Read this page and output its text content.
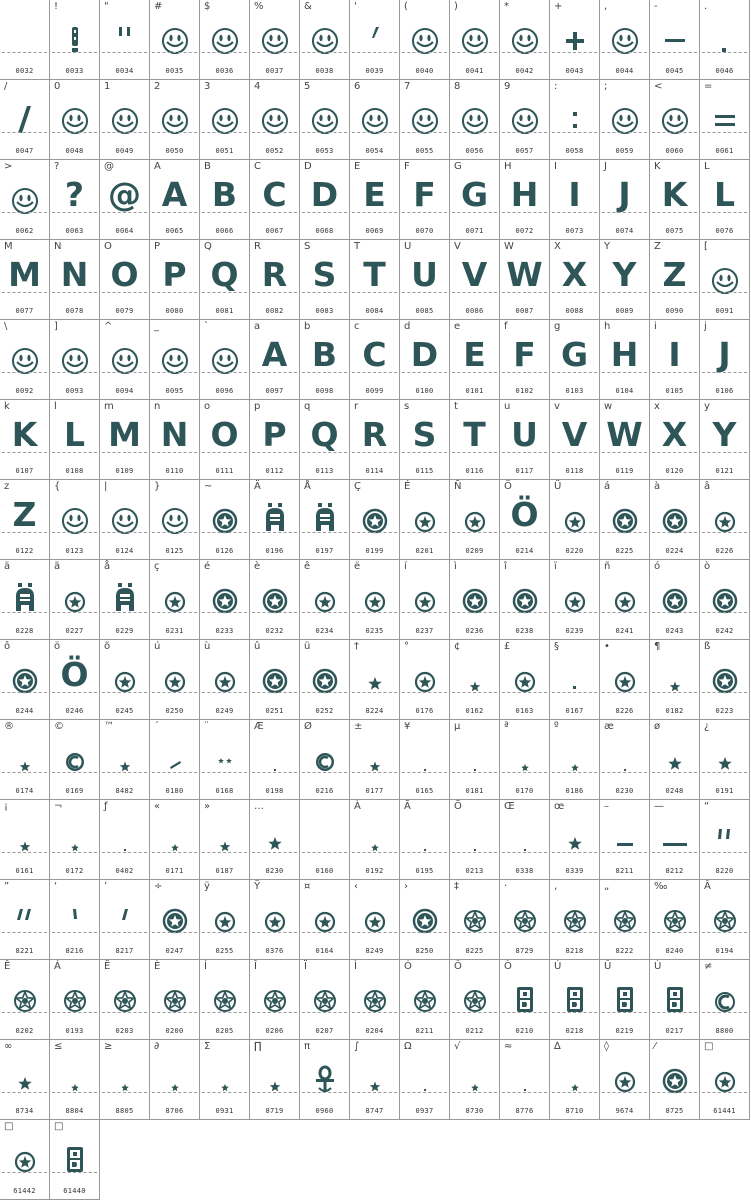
0032
!
0033
"
0034
#
0035
$
0036
%
0037
&
0038
'
0039
(
0040
)
0041
*
0042
+
0043
,
0044
-
0045
.
0046
/
0047
0
0048
1
0049
2
0050
3
0051
4
0052
5
0053
6
0054
7
0055
8
0056
9
0057
:
0058
;
0059
<
0060
=
0061
>
0062
?
?
0063
@
@
0064
A
A
0065
B
B
0066
C
C
0067
D
D
0068
E
E
0069
F
F
0070
G
G
0071
H
H
0072
I
I
0073
J
J
0074
K
K
0075
L
L
0076
M
M
0077
N
N
0078
O
O
0079
P
P
0080
Q
Q
0081
R
R
0082
S
S
0083
T
T
0084
U
U
0085
V
V
0086
W
W
0087
X
X
0088
Y
Y
0089
Z
Z
0090
[
0091
\
0092
]
0093
^
0094
_
0095
`
0096
a
A
0097
b
B
0098
c
C
0099
d
D
0100
e
E
0101
f
F
0102
g
G
0103
h
H
0104
i
I
0105
j
J
0106
k
K
0107
l
L
0108
m
M
0109
n
N
0110
o
O
0111
p
P
0112
q
Q
0113
r
R
0114
s
S
0115
t
T
0116
u
U
0117
v
V
0118
w
W
0119
x
X
0120
y
Y
0121
z
Z
0122
{
0123
|
0124
}
0125
~
0126
Ä
0196
Å
0197
Ç
0199
É
0201
Ñ
0209
Ö
Ö
0214
Ü
0220
á
0225
à
0224
â
0226
ä
0228
ã
0227
å
0229
ç
0231
é
0233
è
0232
ê
0234
ë
0235
í
0237
ì
0236
î
0238
ï
0239
ñ
0241
ó
0243
ò
0242
ô
0244
ö
Ö
0246
õ
0245
ú
0250
ù
0249
û
0251
ü
0252
†
8224
°
0176
¢
0162
£
0163
§
0167
•
8226
¶
0182
ß
0223
®
0174
©
0169
™
8482
´
0180
¨
0168
Æ
0198
Ø
0216
±
0177
¥
0165
µ
0181
ª
0170
º
0186
æ
0230
ø
0248
¿
0191
¡
0161
¬
0172
ƒ
0402
«
0171
»
0187
…
8230	0160
À
0192
Ã
0195
Õ
0213
Œ
0338
œ
0339
–
8211
—
8212
“
8220
”
8221
‘
8216
’
8217
÷
0247
ÿ
0255
Ÿ
0376
¤
0164
‹
8249
›
8250
‡
8225
·
8729
‚
8218
„
8222
‰
8240
Â
0194
Ê
0202
Á
0193
Ë
0203
È
0200
Í
0205
Î
0206
Ï
0207
Ì
0204
Ó
0211
Ô
0212
Ò
0210
Ú
0218
Û
0219
Ù
0217
≠
8800
∞
8734
≤
8804
≥
8805
∂
8706
Σ
0931
∏
8719
π
0960
∫
8747
Ω
0937
√
8730
≈
8776
∆
8710
◊
9674
⁄
8725
□
61441
□
61442
□
61440
